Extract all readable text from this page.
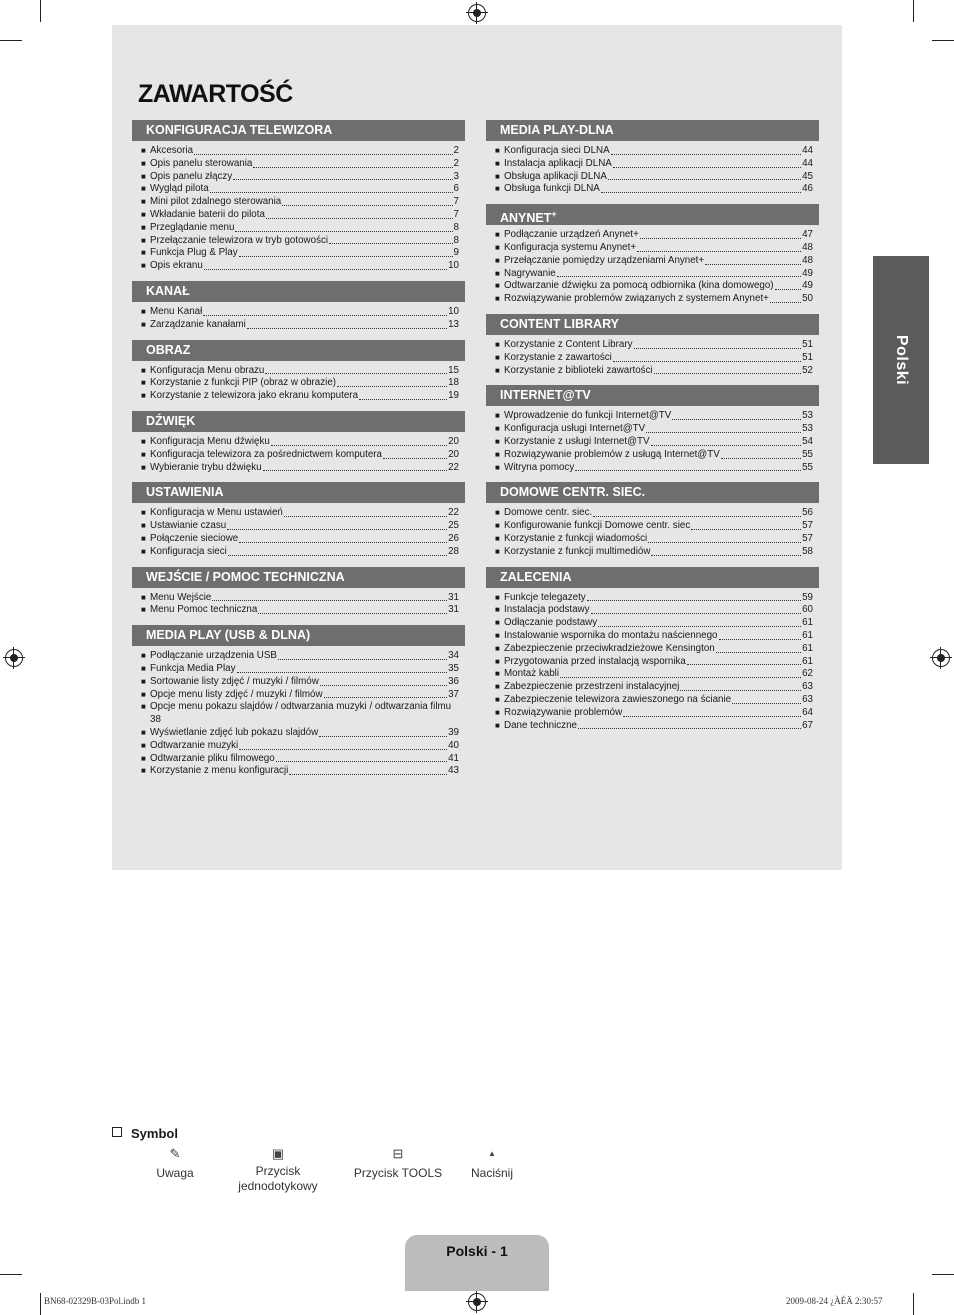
ZAWARTOŚĆ
KONFIGURACJA TELEWIZORA
■ Akcesoria	2
■ Opis panelu sterowania	2
■ Opis panelu złączy	3
■ Wygląd pilota	6
■ Mini pilot zdalnego sterowania	7
■ Wkładanie baterii do pilota	7
■ Przeglądanie menu	8
■ Przełączanie telewizora w tryb gotowości	8
■ Funkcja Plug & Play	9
■ Opis ekranu	10
KANAŁ
■ Menu Kanał	10
■ Zarządzanie kanałami	13
OBRAZ
■ Konfiguracja Menu obrazu	15
■ Korzystanie z funkcji PIP (obraz w obrazie)	18
■ Korzystanie z telewizora jako ekranu komputera	19
DŹWIĘK
■ Konfiguracja Menu dźwięku	20
■ Konfiguracja telewizora za pośrednictwem komputera	20
■ Wybieranie trybu dźwięku	22
USTAWIENIA
■ Konfiguracja w Menu ustawień	22
■ Ustawianie czasu	25
■ Połączenie sieciowe	26
■ Konfiguracja sieci	28
WEJŚCIE / POMOC TECHNICZNA
■ Menu Wejście	31
■ Menu Pomoc techniczna	31
MEDIA PLAY (USB & DLNA)
■ Podłączanie urządzenia USB	34
■ Funkcja Media Play	35
■ Sortowanie listy zdjęć / muzyki / filmów	36
■ Opcje menu listy zdjęć / muzyki / filmów	37
■ Opcje menu pokazu slajdów / odtwarzania muzyki / odtwarzania filmu
38
■ Wyświetlanie zdjęć lub pokazu slajdów	39
■ Odtwarzanie muzyki	40
■ Odtwarzanie pliku filmowego	41
■ Korzystanie z menu konfiguracji	43
MEDIA PLAY-DLNA
■ Konfiguracja sieci DLNA	44
■ Instalacja aplikacji DLNA	44
■ Obsługa aplikacji DLNA	45
■ Obsługa funkcji DLNA	46
ANYNET+
■ Podłączanie urządzeń Anynet+	47
■ Konfiguracja systemu Anynet+	48
■ Przełączanie pomiędzy urządzeniami Anynet+	48
■ Nagrywanie	49
■ Odtwarzanie dźwięku za pomocą odbiornika (kina domowego)	49
■ Rozwiązywanie problemów związanych z systemem Anynet+	50
CONTENT LIBRARY
■ Korzystanie z Content Library	51
■ Korzystanie z zawartości	51
■ Korzystanie z biblioteki zawartości	52
INTERNET@TV
■ Wprowadzenie do funkcji Internet@TV	53
■ Konfiguracja usługi Internet@TV	53
■ Korzystanie z usługi Internet@TV	54
■ Rozwiązywanie problemów z usługą Internet@TV	55
■ Witryna pomocy	55
DOMOWE CENTR. SIEC.
■ Domowe centr. siec.	56
■ Konfigurowanie funkcji Domowe centr. siec	57
■ Korzystanie z funkcji wiadomości	57
■ Korzystanie z funkcji multimediów	58
ZALECENIA
■ Funkcje telegazety	59
■ Instalacja podstawy	60
■ Odłączanie podstawy	61
■ Instalowanie wspornika do montażu naściennego	61
■ Zabezpieczenie przeciwkradzieżowe Kensington	61
■ Przygotowania przed instalacją wspornika	61
■ Montaż kabli	62
■ Zabezpieczenie przestrzeni instalacyjnej	63
■ Zabezpieczenie telewizora zawieszonego na ścianie	63
■ Rozwiązywanie problemów	64
■ Dane techniczne	67
Polski
Symbol
✎
Uwaga
▣
Przycisk jednodotykowy
⊟
Przycisk TOOLS
▲
Naciśnij
Polski - 1
BN68-02329B-03Pol.indb 1	2009-08-24 ¿ÀÈÄ 2:30:57
